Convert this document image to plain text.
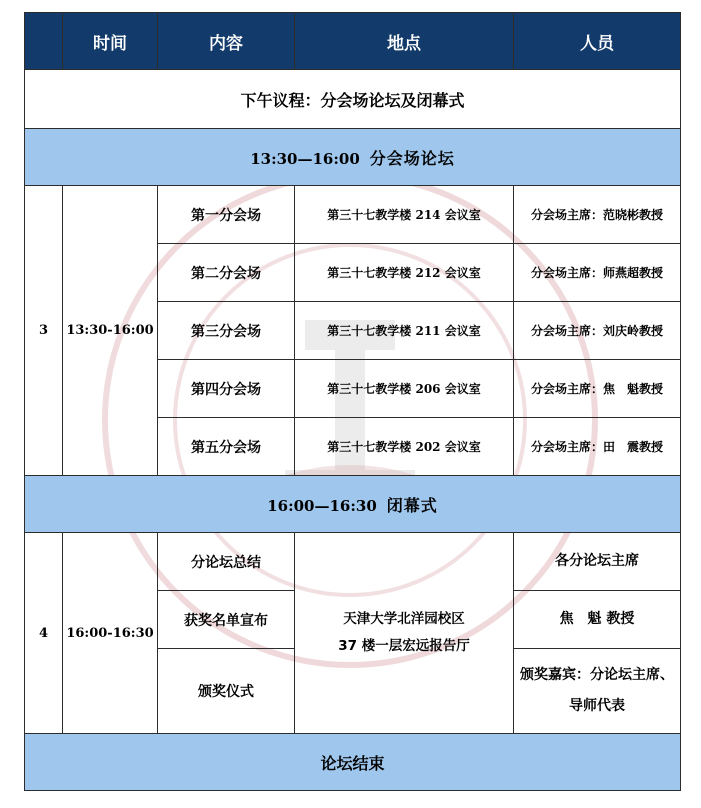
	时间	内容	地点	人员
下午议程：分会场论坛及闭幕式				
13:30—16:00 分会场论坛				
3	13:30-16:00	第一分会场	第三十七教学楼 214 会议室	分会场主席：范晓彬教授
		第二分会场	第三十七教学楼 212 会议室	分会场主席：师燕超教授
		第三分会场	第三十七教学楼 211 会议室	分会场主席：刘庆岭教授
		第四分会场	第三十七教学楼 206 会议室	分会场主席：焦　魁教授
		第五分会场	第三十七教学楼 202 会议室	分会场主席：田　震教授
16:00—16:30 闭幕式				
4	16:00-16:30	分论坛总结	天津大学北洋园校区
37 楼一层宏远报告厅	各分论坛主席
		获奖名单宣布		焦　魁 教授
		颁奖仪式		颁奖嘉宾：分论坛主席、导师代表
论坛结束				
